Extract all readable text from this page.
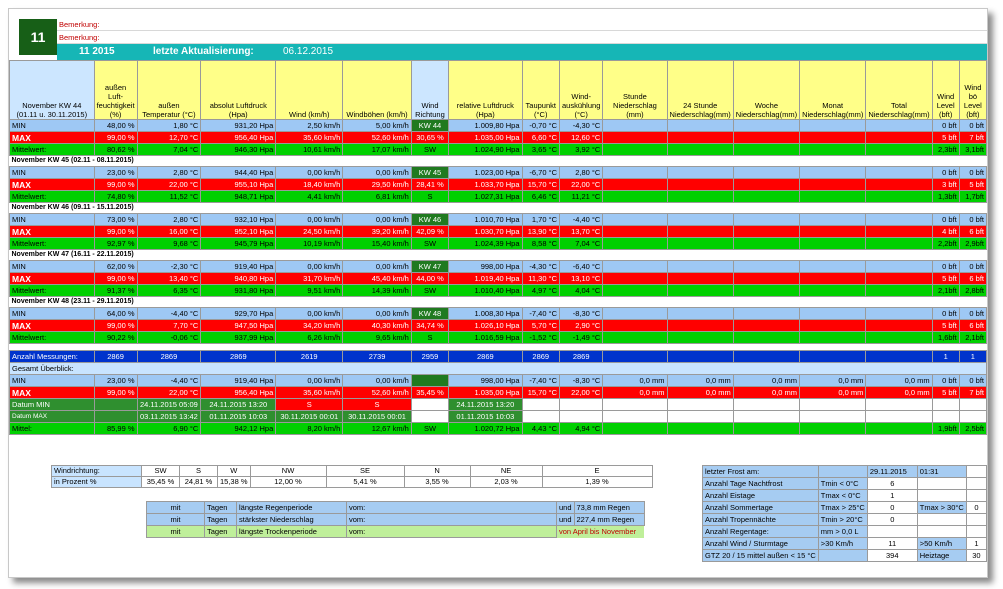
11
Bemerkung:
Bemerkung:
11 2015	letzte Aktualisierung:	06.12.2015
November KW 44 (01.11 u. 30.11.2015)	außen Luft-feuchtigkeit (%)	außen Temperatur (°C)	absolut Luftdruck (Hpa)	Wind (km/h)	Windböhen (km/h)	Wind Richtung	relative Luftdruck (Hpa)	Taupunkt (°C)	Wind-auskühlung (°C)	Stunde Niederschlag (mm)	24 Stunde Niederschlag(mm)	Woche Niederschlag(mm)	Monat Niederschlag(mm)	Total Niederschlag(mm)	Wind Level (bft)	Wind bö Level (bft)
MIN	48,00 %	1,80 °C	931,20 Hpa	2,50 km/h	5,00 km/h	KW 44	1.009,80 Hpa	-0,70 °C	-4,30 °C						0 bft	0 bft
MAX	99,00 %	12,70 °C	956,40 Hpa	35,60 km/h	52,60 km/h	30,65 %	1.035,00 Hpa	6,60 °C	12,60 °C						5 bft	7 bft
Mittelwert:	80,62 %	7,04 °C	946,30 Hpa	10,61 km/h	17,07 km/h	SW	1.024,90 Hpa	3,65 °C	3,92 °C						2,3bft	3,1bft
November KW 45 (02.11 - 08.11.2015)																
MIN	23,00 %	2,80 °C	944,40 Hpa	0,00 km/h	0,00 km/h	KW 45	1.023,00 Hpa	-6,70 °C	2,80 °C						0 bft	0 bft
MAX	99,00 %	22,00 °C	955,10 Hpa	18,40 km/h	29,50 km/h	28,41 %	1.033,70 Hpa	15,70 °C	22,00 °C						3 bft	5 bft
Mittelwert:	74,80 %	11,52 °C	948,71 Hpa	4,41 km/h	6,81 km/h	S	1.027,31 Hpa	6,46 °C	11,21 °C						1,3bft	1,7bft
November KW 46 (09.11 - 15.11.2015)																
MIN	73,00 %	2,80 °C	932,10 Hpa	0,00 km/h	0,00 km/h	KW 46	1.010,70 Hpa	1,70 °C	-4,40 °C						0 bft	0 bft
MAX	99,00 %	16,00 °C	952,10 Hpa	24,50 km/h	39,20 km/h	42,09 %	1.030,70 Hpa	13,90 °C	13,70 °C						4 bft	6 bft
Mittelwert:	92,97 %	9,68 °C	945,79 Hpa	10,19 km/h	15,40 km/h	SW	1.024,39 Hpa	8,58 °C	7,04 °C						2,2bft	2,9bft
November KW 47 (16.11 - 22.11.2015)																
MIN	62,00 %	-2,30 °C	919,40 Hpa	0,00 km/h	0,00 km/h	KW 47	998,00 Hpa	-4,30 °C	-6,40 °C						0 bft	0 bft
MAX	99,00 %	13,40 °C	940,80 Hpa	31,70 km/h	45,40 km/h	44,00 %	1.019,40 Hpa	11,30 °C	13,10 °C						5 bft	6 bft
Mittelwert:	91,37 %	6,35 °C	931,80 Hpa	9,51 km/h	14,39 km/h	SW	1.010,40 Hpa	4,97 °C	4,04 °C						2,1bft	2,8bft
November KW 48 (23.11 - 29.11.2015)																
MIN	64,00 %	-4,40 °C	929,70 Hpa	0,00 km/h	0,00 km/h	KW 48	1.008,30 Hpa	-7,40 °C	-8,30 °C						0 bft	0 bft
MAX	99,00 %	7,70 °C	947,50 Hpa	34,20 km/h	40,30 km/h	34,74 %	1.026,10 Hpa	5,70 °C	2,90 °C						5 bft	6 bft
Mittelwert:	90,22 %	-0,06 °C	937,99 Hpa	6,26 km/h	9,65 km/h	S	1.016,59 Hpa	-1,52 °C	-1,49 °C						1,6bft	2,1bft

Anzahl Messungen:	2869	2869	2869	2619	2739	2959	2869	2869	2869						1	1
Gesamt Überblick:																
MIN	23,00 %	-4,40 °C	919,40 Hpa	0,00 km/h	0,00 km/h		998,00 Hpa	-7,40 °C	-8,30 °C	0,0 mm	0,0 mm	0,0 mm	0,0 mm	0,0 mm	0 bft	0 bft
MAX	99,00 %	22,00 °C	956,40 Hpa	35,60 km/h	52,60 km/h	35,45 %	1.035,00 Hpa	15,70 °C	22,00 °C	0,0 mm	0,0 mm	0,0 mm	0,0 mm	0,0 mm	5 bft	7 bft
Datum MIN		24.11.2015 05:09	24.11.2015 13:20	S	S		24.11.2015 13:20									
Datum MAX		03.11.2015 13:42	01.11.2015 10:03	30.11.2015 00:01	30.11.2015 00:01		01.11.2015 10:03									
Mittel:	85,99 %	6,90 °C	942,12 Hpa	8,20 km/h	12,67 km/h	SW	1.020,72 Hpa	4,43 °C	4,94 °C						1,9bft	2,5bft
Windrichtung:	SW	S	W	NW	SE	N	NE	E
in Prozent %	35,45 %	24,81 %	15,38 %	12,00 %	5,41 %	3,55 %	2,03 %	1,39 %
mit	Tagen	längste Regenperiode	vom:	und	73,8 mm Regen
mit	Tagen	stärkster Niederschlag	vom:	und	227,4 mm Regen
mit	Tagen	längste Trockenperiode	vom:	von April bis November	
letzter Frost am:		29.11.2015	01:31	
Anzahl Tage Nachtfrost	Tmin < 0°C	6		
Anzahl Eistage	Tmax < 0°C	1		
Anzahl Sommertage	Tmax > 25°C	0	Tmax > 30°C	0
Anzahl Tropennächte	Tmin > 20°C	0		
Anzahl Regentage:	mm > 0,0 L			
Anzahl Wind / Sturmtage	>30 Km/h	11	>50 Km/h	1
GTZ 20 / 15 mittel außen < 15 °C		394	Heiztage	30
